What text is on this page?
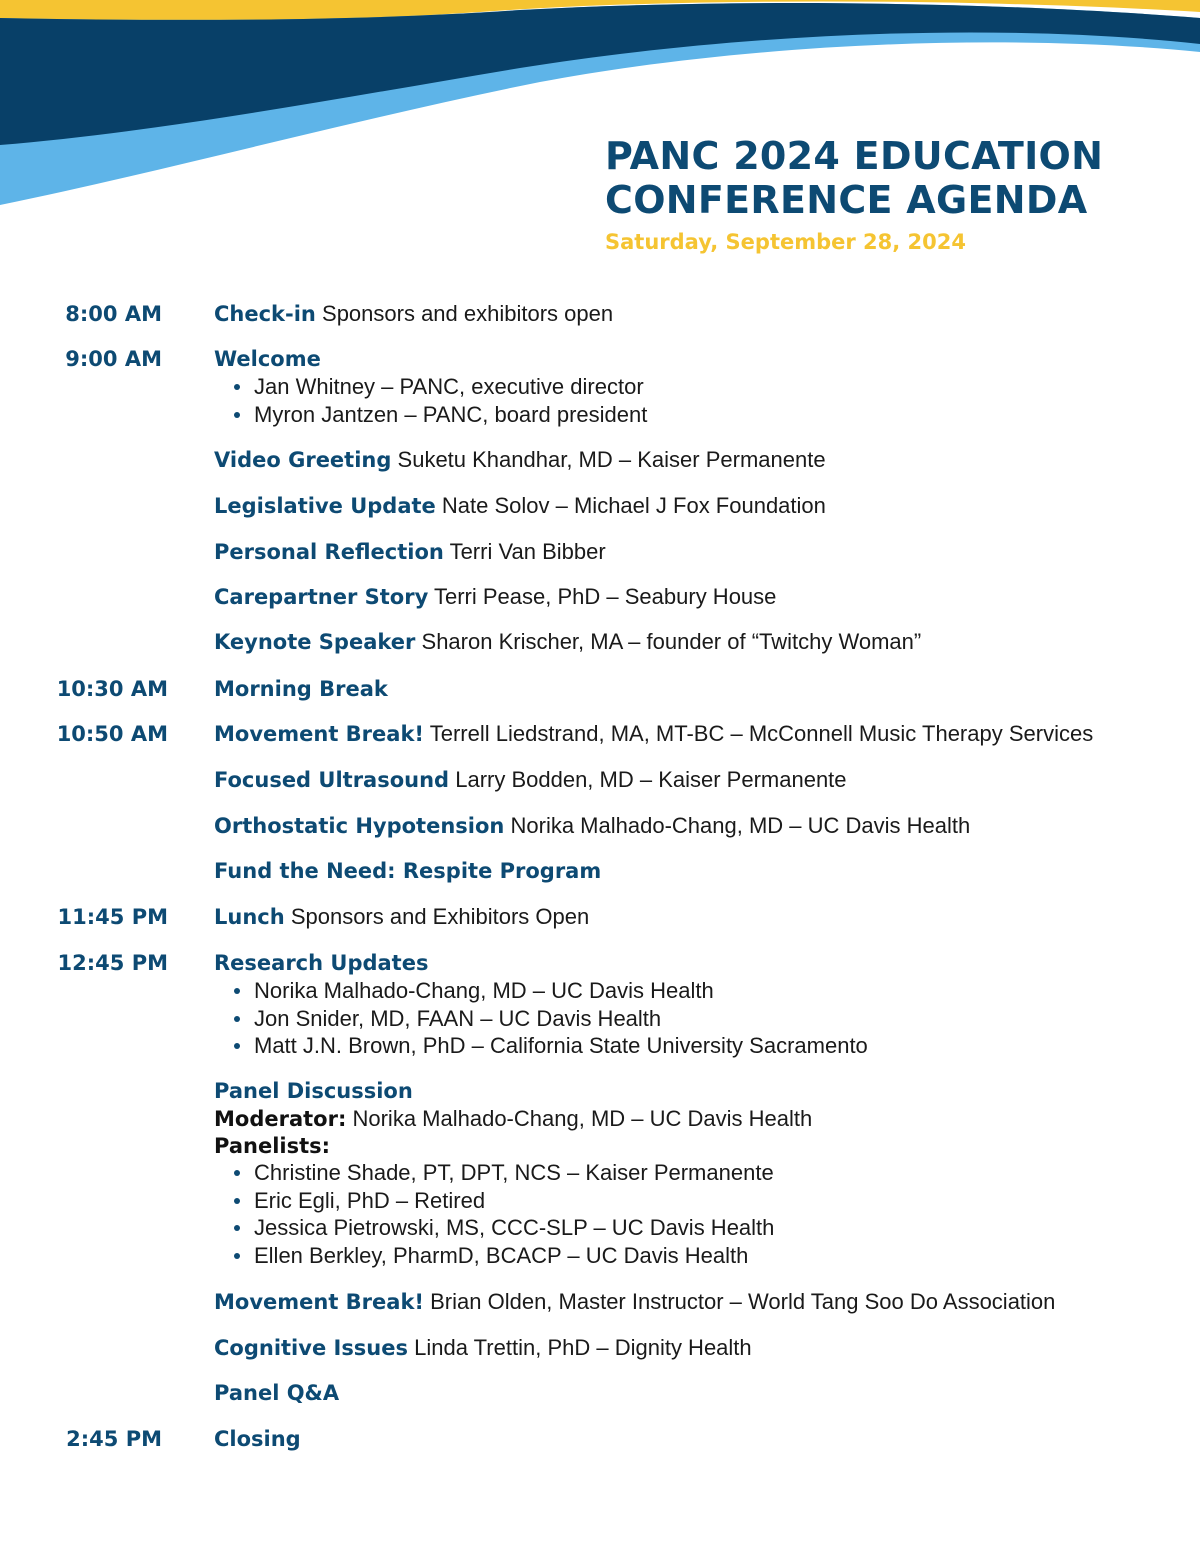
PANC 2024 EDUCATION
CONFERENCE AGENDA
Saturday, September 28, 2024
8:00 AM Check-in Sponsors and exhibitors open
9:00 AM Welcome
Jan Whitney – PANC, executive director
Myron Jantzen – PANC, board president
Video Greeting Suketu Khandhar, MD – Kaiser Permanente
Legislative Update Nate Solov – Michael J Fox Foundation
Personal Reflection Terri Van Bibber
Carepartner Story Terri Pease, PhD – Seabury House
Keynote Speaker Sharon Krischer, MA – founder of “Twitchy Woman”
10:30 AM Morning Break
10:50 AM Movement Break! Terrell Liedstrand, MA, MT-BC – McConnell Music Therapy Services
Focused Ultrasound Larry Bodden, MD – Kaiser Permanente
Orthostatic Hypotension Norika Malhado-Chang, MD – UC Davis Health
Fund the Need: Respite Program
11:45 PM Lunch Sponsors and Exhibitors Open
12:45 PM Research Updates
Norika Malhado-Chang, MD – UC Davis Health
Jon Snider, MD, FAAN – UC Davis Health
Matt J.N. Brown, PhD – California State University Sacramento
Panel Discussion
Moderator: Norika Malhado-Chang, MD – UC Davis Health
Panelists:
Christine Shade, PT, DPT, NCS – Kaiser Permanente
Eric Egli, PhD – Retired
Jessica Pietrowski, MS, CCC-SLP – UC Davis Health
Ellen Berkley, PharmD, BCACP – UC Davis Health
Movement Break! Brian Olden, Master Instructor – World Tang Soo Do Association
Cognitive Issues Linda Trettin, PhD – Dignity Health
Panel Q&A
2:45 PM Closing
